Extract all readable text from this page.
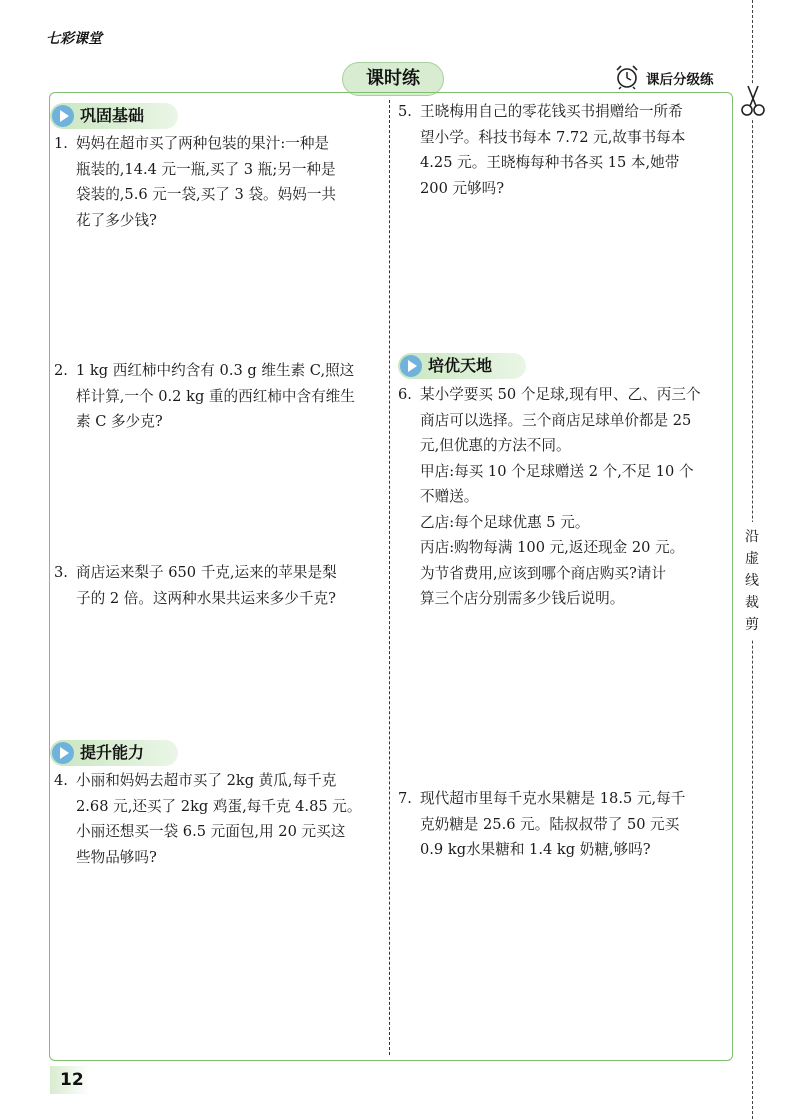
七彩课堂
课时练	课后分级练
沿
虚
线
裁
剪
巩固基础
提升能力
培优天地
1. 妈妈在超市买了两种包装的果汁:一种是
瓶装的,14.4 元一瓶,买了 3 瓶;另一种是
袋装的,5.6 元一袋,买了 3 袋。妈妈一共
花了多少钱?
2. 1 kg 西红柿中约含有 0.3 g 维生素 C,照这
样计算,一个 0.2 kg 重的西红柿中含有维生
素 C 多少克?
3. 商店运来梨子 650 千克,运来的苹果是梨
子的 2 倍。这两种水果共运来多少千克?
4. 小丽和妈妈去超市买了 2kg 黄瓜,每千克
2.68 元,还买了 2kg 鸡蛋,每千克 4.85 元。
小丽还想买一袋 6.5 元面包,用 20 元买这
些物品够吗?
5. 王晓梅用自己的零花钱买书捐赠给一所希
望小学。科技书每本 7.72 元,故事书每本
4.25 元。王晓梅每种书各买 15 本,她带
200 元够吗?
6. 某小学要买 50 个足球,现有甲、乙、丙三个
商店可以选择。三个商店足球单价都是 25
元,但优惠的方法不同。
甲店:每买 10 个足球赠送 2 个,不足 10 个
不赠送。
乙店:每个足球优惠 5 元。
丙店:购物每满 100 元,返还现金 20 元。
为节省费用,应该到哪个商店购买?请计
算三个店分别需多少钱后说明。
7. 现代超市里每千克水果糖是 18.5 元,每千
克奶糖是 25.6 元。陆叔叔带了 50 元买
0.9 kg水果糖和 1.4 kg 奶糖,够吗?
12
